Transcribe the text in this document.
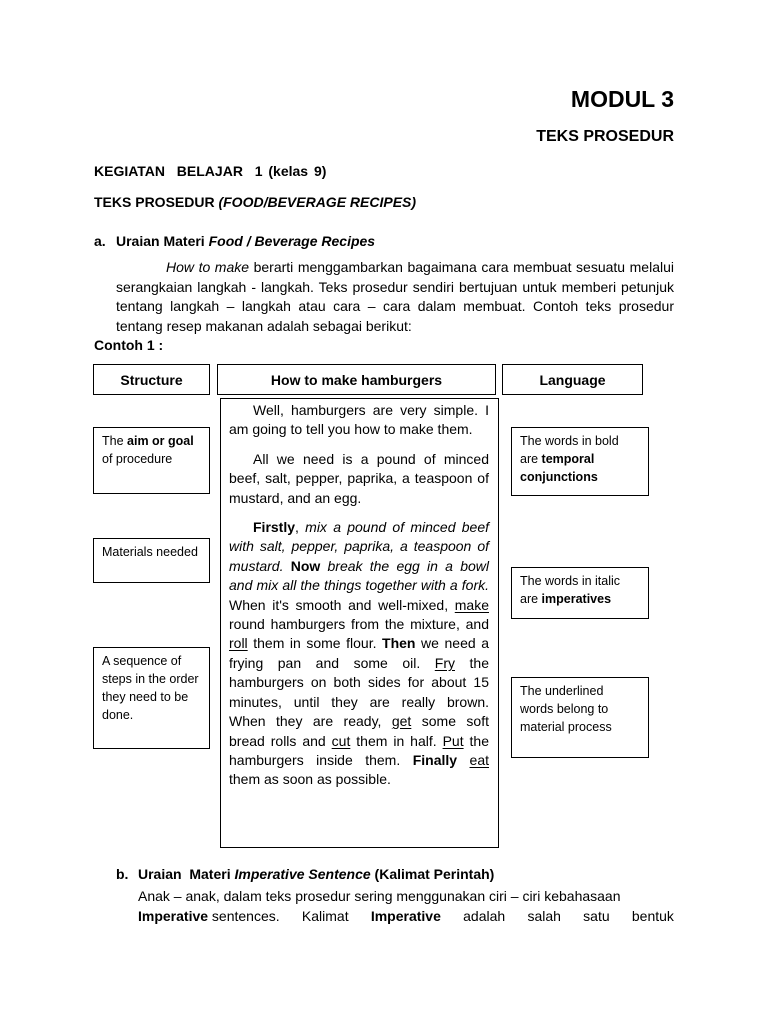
MODUL 3
TEKS PROSEDUR
KEGIATAN  BELAJAR  1 (kelas 9)
TEKS PROSEDUR (FOOD/BEVERAGE RECIPES)
a. Uraian Materi Food / Beverage Recipes
How to make berarti menggambarkan bagaimana cara membuat sesuatu melalui serangkaian langkah - langkah. Teks prosedur sendiri bertujuan untuk memberi petunjuk tentang langkah – langkah atau cara – cara dalam membuat. Contoh teks prosedur tentang resep makanan adalah sebagai berikut:
Contoh 1 :
Structure	How to make hamburgers	Language
The aim or goal of procedure
Materials needed
A sequence of steps in the order they need to be done.
The words in bold are temporal conjunctions
The words in italic are imperatives
The underlined words belong to material process

Well, hamburgers are very simple. I am going to tell you how to make them.

All we need is a pound of minced beef, salt, pepper, paprika, a teaspoon of mustard, and an egg.

Firstly, mix a pound of minced beef with salt, pepper, paprika, a teaspoon of mustard. Now break the egg in a bowl and mix all the things together with a fork. When it's smooth and well-mixed, make round hamburgers from the mixture, and roll them in some flour. Then we need a frying pan and some oil. Fry the hamburgers on both sides for about 15 minutes, until they are really brown. When they are ready, get some soft bread rolls and cut them in half. Put the hamburgers inside them. Finally eat them as soon as possible.

b. Uraian  Materi Imperative Sentence (Kalimat Perintah)
Anak – anak, dalam teks prosedur sering menggunakan ciri – ciri kebahasaan
Imperative sentences. Kalimat Imperative adalah salah satu bentuk
